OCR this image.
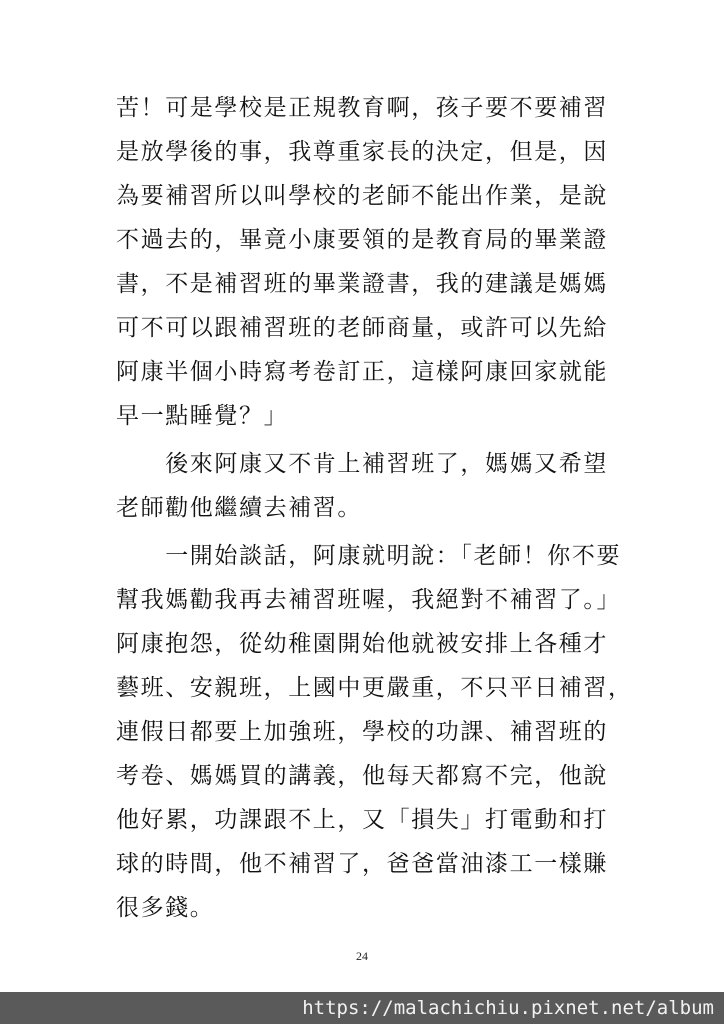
苦！可是學校是正規教育啊，孩子要不要補習
是放學後的事，我尊重家長的決定，但是，因
為要補習所以叫學校的老師不能出作業，是說
不過去的，畢竟小康要領的是教育局的畢業證
書，不是補習班的畢業證書，我的建議是媽媽
可不可以跟補習班的老師商量，或許可以先給
阿康半個小時寫考卷訂正，這樣阿康回家就能
早一點睡覺？」
　　後來阿康又不肯上補習班了，媽媽又希望
老師勸他繼續去補習。
　　一開始談話，阿康就明說：「老師！你不要
幫我媽勸我再去補習班喔，我絕對不補習了。」
阿康抱怨，從幼稚園開始他就被安排上各種才
藝班、安親班，上國中更嚴重，不只平日補習，
連假日都要上加強班，學校的功課、補習班的
考卷、媽媽買的講義，他每天都寫不完，他說
他好累，功課跟不上，又「損失」打電動和打
球的時間，他不補習了，爸爸當油漆工一樣賺
很多錢。
24
https://malachichiu.pixnet.net/album
